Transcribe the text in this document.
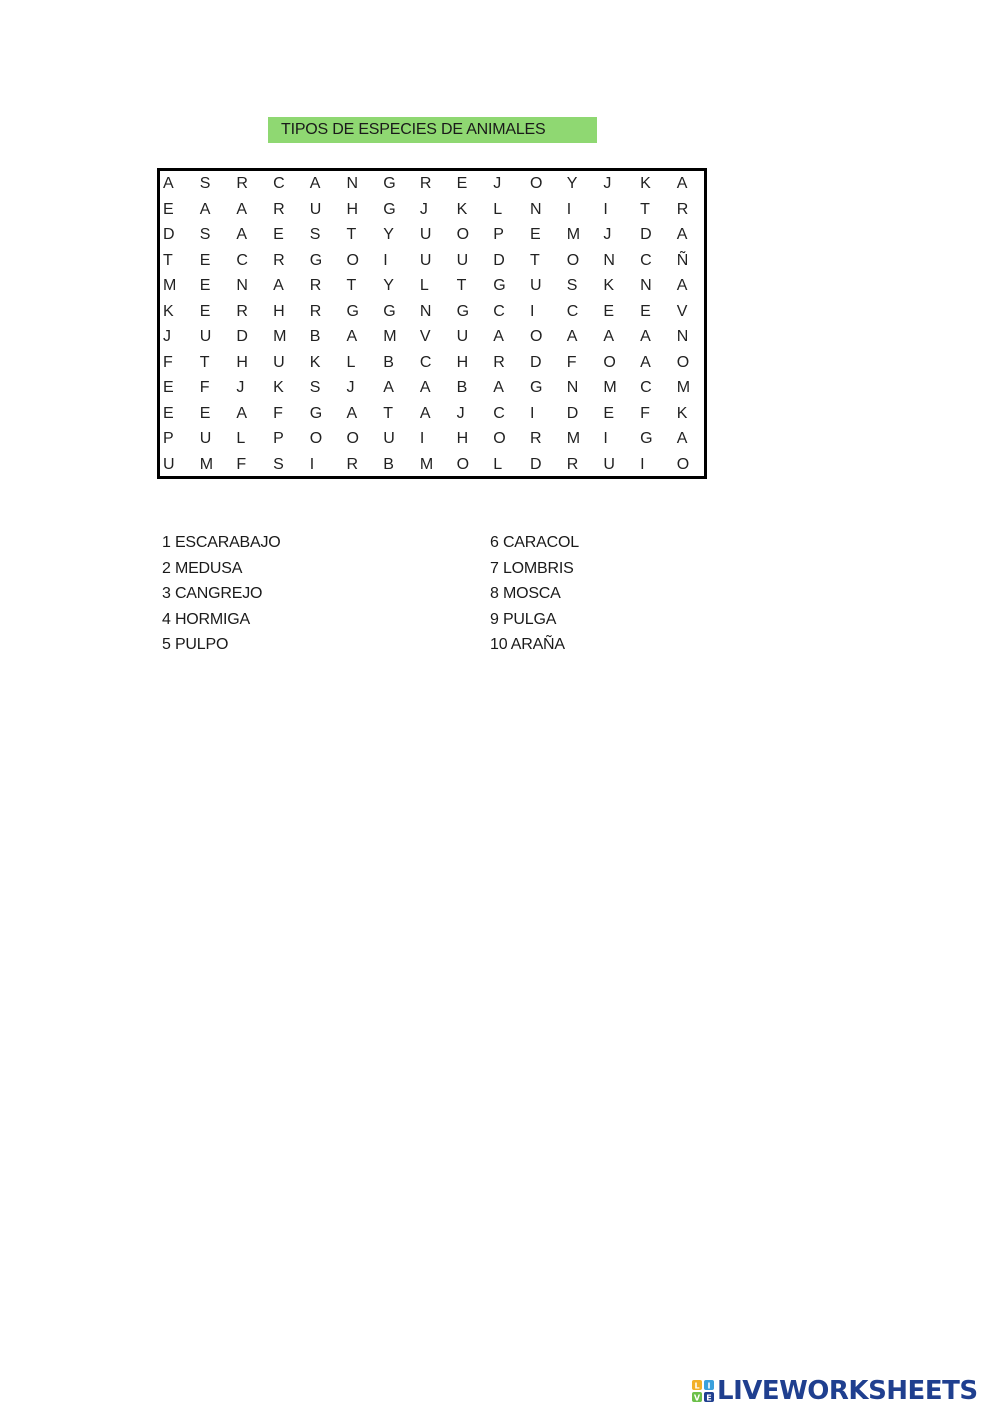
TIPOS DE ESPECIES DE ANIMALES
A	S	R	C	A	N	G	R	E	J	O	Y	J	K	A
E	A	A	R	U	H	G	J	K	L	N	I	I	T	R
D	S	A	E	S	T	Y	U	O	P	E	M	J	D	A
T	E	C	R	G	O	I	U	U	D	T	O	N	C	Ñ
M	E	N	A	R	T	Y	L	T	G	U	S	K	N	A
K	E	R	H	R	G	G	N	G	C	I	C	E	E	V
J	U	D	M	B	A	M	V	U	A	O	A	A	A	N
F	T	H	U	K	L	B	C	H	R	D	F	O	A	O
E	F	J	K	S	J	A	A	B	A	G	N	M	C	M
E	E	A	F	G	A	T	A	J	C	I	D	E	F	K
P	U	L	P	O	O	U	I	H	O	R	M	I	G	A
U	M	F	S	I	R	B	M	O	L	D	R	U	I	O
1 ESCARABAJO
2 MEDUSA
3 CANGREJO
4 HORMIGA
5 PULPO
6 CARACOL
7 LOMBRIS
8 MOSCA
9 PULGA
10 ARAÑA
L I
V E LIVEWORKSHEETS
